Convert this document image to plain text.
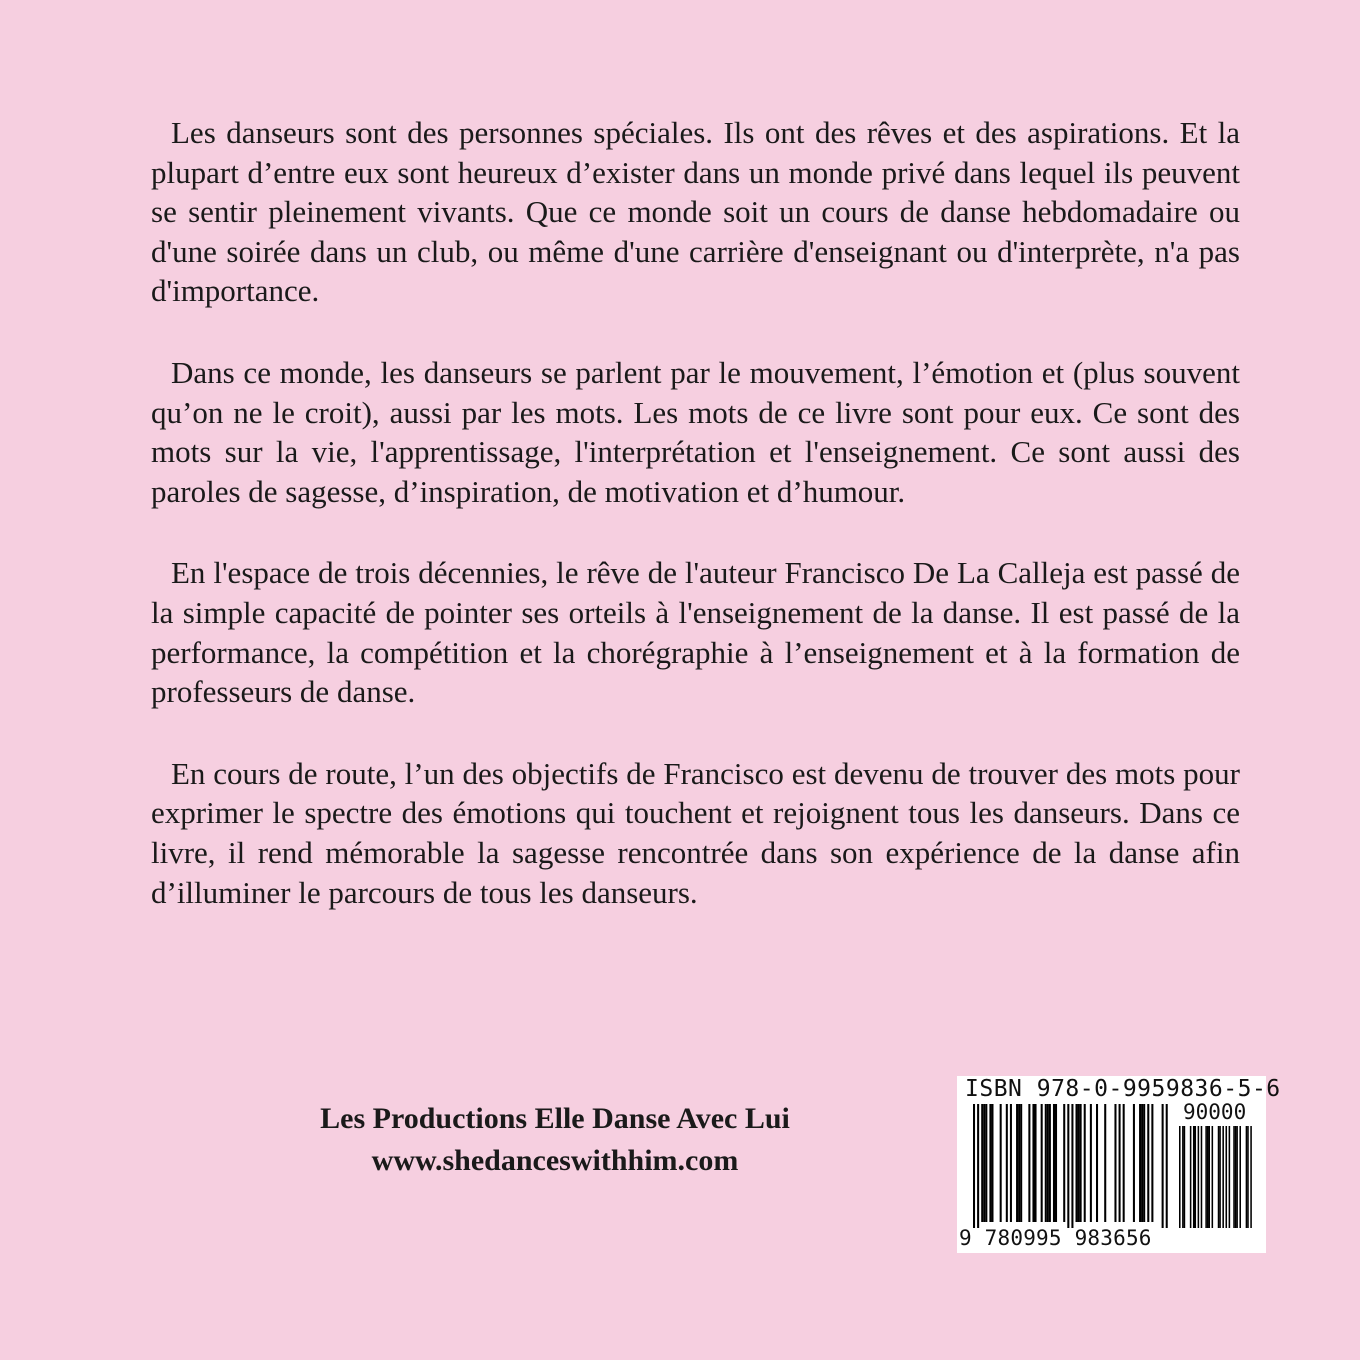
Les danseurs sont des personnes spéciales. Ils ont des rêves et des aspirations. Et la plupart d’entre eux sont heureux d’exister dans un monde privé dans lequel ils peuvent se sentir pleinement vivants. Que ce monde soit un cours de danse hebdomadaire ou d'une soirée dans un club, ou même d'une carrière d'enseignant ou d'interprète, n'a pas d'importance.

Dans ce monde, les danseurs se parlent par le mouvement, l’émotion et (plus souvent qu’on ne le croit), aussi par les mots. Les mots de ce livre sont pour eux. Ce sont des mots sur la vie, l'apprentissage, l'interprétation et l'enseignement. Ce sont aussi des paroles de sagesse, d’inspiration, de motivation et d’humour.

En l'espace de trois décennies, le rêve de l'auteur Francisco De La Calleja est passé de la simple capacité de pointer ses orteils à l'enseignement de la danse. Il est passé de la performance, la compétition et la chorégraphie à l’enseignement et à la formation de professeurs de danse.

En cours de route, l’un des objectifs de Francisco est devenu de trouver des mots pour exprimer le spectre des émotions qui touchent et rejoignent tous les danseurs. Dans ce livre, il rend mémorable la sagesse rencontrée dans son expérience de la danse afin d’illuminer le parcours de tous les danseurs.

Les Productions Elle Danse Avec Lui
www.shedanceswithhim.com
ISBN 978-0-9959836-5-6
90000
9 780995 983656
